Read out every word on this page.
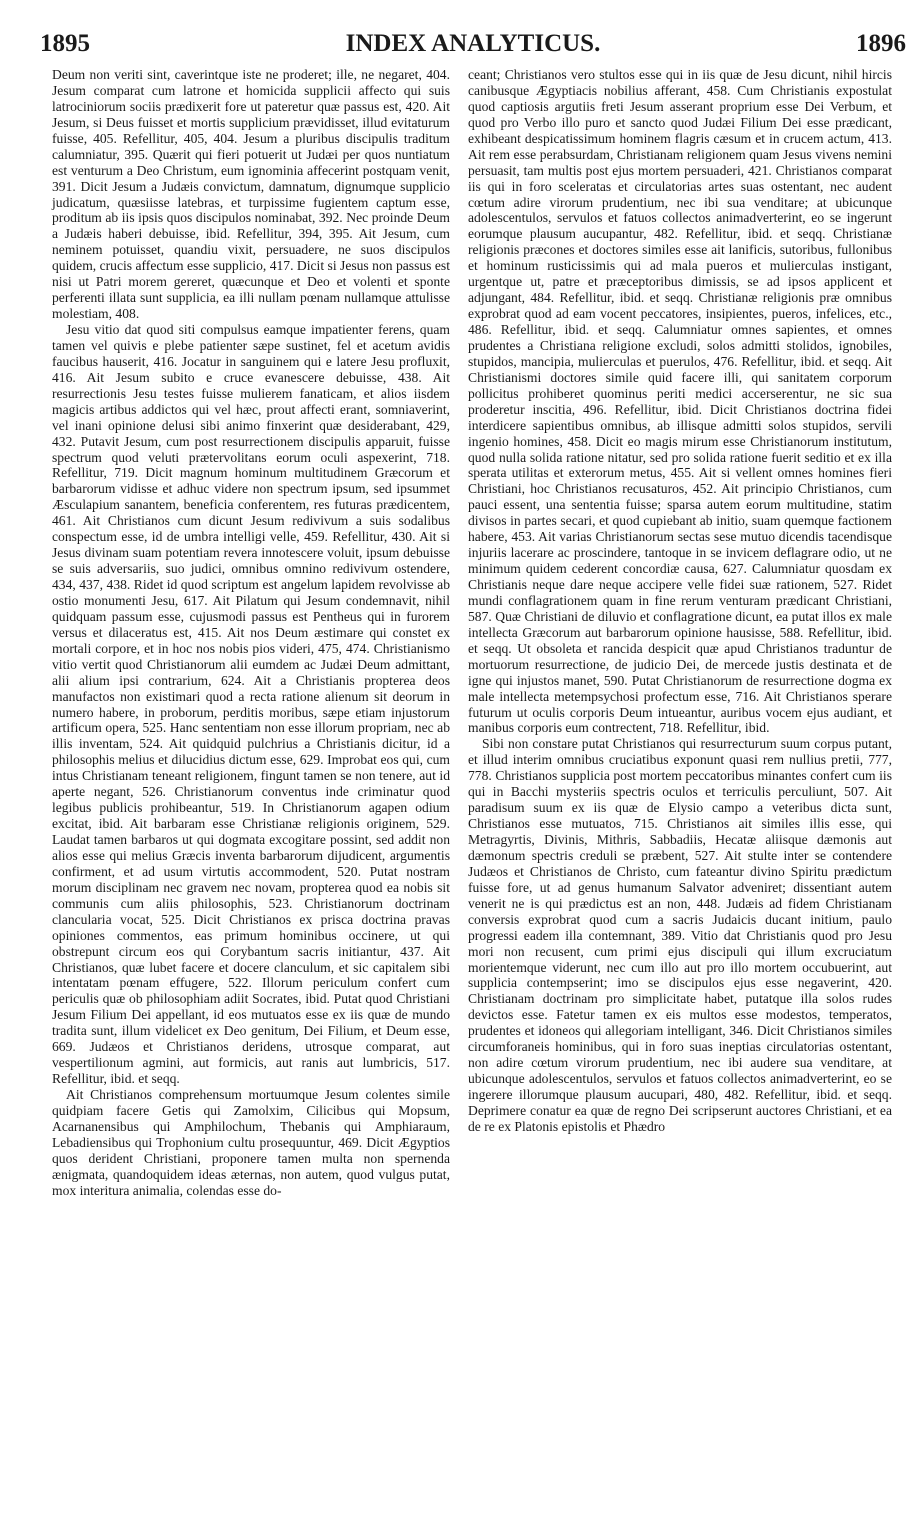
1895	INDEX ANALYTICUS.	1896

Deum non veriti sint, caverintque iste ne proderet; ille, ne negaret, 404. Jesum comparat cum latrone et homicida supplicii affecto qui suis latrociniorum sociis prædixerit fore ut pateretur quæ passus est, 420. Ait Jesum, si Deus fuisset et mortis supplicium prævidisset, illud evitaturum fuisse, 405. Refellitur, 405, 404. Jesum a pluribus discipulis traditum calumniatur, 395. Quærit qui fieri potuerit ut Judæi per quos nuntiatum est venturum a Deo Christum, eum ignominia affecerint postquam venit, 391. Dicit Jesum a Judæis convictum, damnatum, dignumque supplicio judicatum, quæsiisse latebras, et turpissime fugientem captum esse, proditum ab iis ipsis quos discipulos nominabat, 392. Nec proinde Deum a Judæis haberi debuisse, ibid. Refellitur, 394, 395. Ait Jesum, cum neminem potuisset, quandiu vixit, persuadere, ne suos discipulos quidem, crucis affectum esse supplicio, 417. Dicit si Jesus non passus est nisi ut Patri morem gereret, quæcunque et Deo et volenti et sponte perferenti illata sunt supplicia, ea illi nullam pœnam nullamque attulisse molestiam, 408.

Jesu vitio dat quod siti compulsus eamque impatienter ferens, quam tamen vel quivis e plebe patienter sæpe sustinet, fel et acetum avidis faucibus hauserit, 416. Jocatur in sanguinem qui e latere Jesu profluxit, 416. Ait Jesum subito e cruce evanescere debuisse, 438. Ait resurrectionis Jesu testes fuisse mulierem fanaticam, et alios iisdem magicis artibus addictos qui vel hæc, prout affecti erant, somniaverint, vel inani opinione delusi sibi animo finxerint quæ desiderabant, 429, 432. Putavit Jesum, cum post resurrectionem discipulis apparuit, fuisse spectrum quod veluti prætervolitans eorum oculi aspexerint, 718. Refellitur, 719. Dicit magnum hominum multitudinem Græcorum et barbarorum vidisse et adhuc videre non spectrum ipsum, sed ipsummet Æsculapium sanantem, beneficia conferentem, res futuras prædicentem, 461. Ait Christianos cum dicunt Jesum redivivum a suis sodalibus conspectum esse, id de umbra intelligi velle, 459. Refellitur, 430. Ait si Jesus divinam suam potentiam revera innotescere voluit, ipsum debuisse se suis adversariis, suo judici, omnibus omnino redivivum ostendere, 434, 437, 438. Ridet id quod scriptum est angelum lapidem revolvisse ab ostio monumenti Jesu, 617. Ait Pilatum qui Jesum condemnavit, nihil quidquam passum esse, cujusmodi passus est Pentheus qui in furorem versus et dilaceratus est, 415. Ait nos Deum æstimare qui constet ex mortali corpore, et in hoc nos nobis pios videri, 475, 474. Christianismo vitio vertit quod Christianorum alii eumdem ac Judæi Deum admittant, alii alium ipsi contrarium, 624. Ait a Christianis propterea deos manufactos non existimari quod a recta ratione alienum sit deorum in numero habere, in proborum, perditis moribus, sæpe etiam injustorum artificum opera, 525. Hanc sententiam non esse illorum propriam, nec ab illis inventam, 524. Ait quidquid pulchrius a Christianis dicitur, id a philosophis melius et dilucidius dictum esse, 629. Improbat eos qui, cum intus Christianam teneant religionem, fingunt tamen se non tenere, aut id aperte negant, 526. Christianorum conventus inde criminatur quod legibus publicis prohibeantur, 519. In Christianorum agapen odium excitat, ibid. Ait barbaram esse Christianæ religionis originem, 529. Laudat tamen barbaros ut qui dogmata excogitare possint, sed addit non alios esse qui melius Græcis inventa barbarorum dijudicent, argumentis confirment, et ad usum virtutis accommodent, 520. Putat nostram morum disciplinam nec gravem nec novam, propterea quod ea nobis sit communis cum aliis philosophis, 523. Christianorum doctrinam clancularia vocat, 525. Dicit Christianos ex prisca doctrina pravas opiniones commentos, eas primum hominibus occinere, ut qui obstrepunt circum eos qui Corybantum sacris initiantur, 437. Ait Christianos, quæ lubet facere et docere clanculum, et sic capitalem sibi intentatam pœnam effugere, 522. Illorum periculum confert cum periculis quæ ob philosophiam adiit Socrates, ibid. Putat quod Christiani Jesum Filium Dei appellant, id eos mutuatos esse ex iis quæ de mundo tradita sunt, illum videlicet ex Deo genitum, Dei Filium, et Deum esse, 669. Judæos et Christianos deridens, utrosque comparat, aut vespertilionum agmini, aut formicis, aut ranis aut lumbricis, 517. Refellitur, ibid. et seqq.

Ait Christianos comprehensum mortuumque Jesum colentes simile quidpiam facere Getis qui Zamolxim, Cilicibus qui Mopsum, Acarnanensibus qui Amphilochum, Thebanis qui Amphiaraum, Lebadiensibus qui Trophonium cultu prosequuntur, 469. Dicit Ægyptios quos derident Christiani, proponere tamen multa non spernenda ænigmata, quandoquidem ideas æternas, non autem, quod vulgus putat, mox interitura animalia, colendas esse do-

ceant; Christianos vero stultos esse qui in iis quæ de Jesu dicunt, nihil hircis canibusque Ægyptiacis nobilius afferant, 458. Cum Christianis expostulat quod captiosis argutiis freti Jesum asserant proprium esse Dei Verbum, et quod pro Verbo illo puro et sancto quod Judæi Filium Dei esse prædicant, exhibeant despicatissimum hominem flagris cæsum et in crucem actum, 413. Ait rem esse perabsurdam, Christianam religionem quam Jesus vivens nemini persuasit, tam multis post ejus mortem persuaderi, 421. Christianos comparat iis qui in foro sceleratas et circulatorias artes suas ostentant, nec audent cœtum adire virorum prudentium, nec ibi sua venditare; at ubicunque adolescentulos, servulos et fatuos collectos animadverterint, eo se ingerunt eorumque plausum aucupantur, 482. Refellitur, ibid. et seqq. Christianæ religionis præcones et doctores similes esse ait lanificis, sutoribus, fullonibus et hominum rusticissimis qui ad mala pueros et mulierculas instigant, urgentque ut, patre et præceptoribus dimissis, se ad ipsos applicent et adjungant, 484. Refellitur, ibid. et seqq. Christianæ religionis præ omnibus exprobrat quod ad eam vocent peccatores, insipientes, pueros, infelices, etc., 486. Refellitur, ibid. et seqq. Calumniatur omnes sapientes, et omnes prudentes a Christiana religione excludi, solos admitti stolidos, ignobiles, stupidos, mancipia, mulierculas et puerulos, 476. Refellitur, ibid. et seqq. Ait Christianismi doctores simile quid facere illi, qui sanitatem corporum pollicitus prohiberet quominus periti medici accerserentur, ne sic sua proderetur inscitia, 496. Refellitur, ibid. Dicit Christianos doctrina fidei interdicere sapientibus omnibus, ab illisque admitti solos stupidos, servili ingenio homines, 458. Dicit eo magis mirum esse Christianorum institutum, quod nulla solida ratione nitatur, sed pro solida ratione fuerit seditio et ex illa sperata utilitas et exterorum metus, 455. Ait si vellent omnes homines fieri Christiani, hoc Christianos recusaturos, 452. Ait principio Christianos, cum pauci essent, una sententia fuisse; sparsa autem eorum multitudine, statim divisos in partes secari, et quod cupiebant ab initio, suam quemque factionem habere, 453. Ait varias Christianorum sectas sese mutuo dicendis tacendisque injuriis lacerare ac proscindere, tantoque in se invicem deflagrare odio, ut ne minimum quidem cederent concordiæ causa, 627. Calumniatur quosdam ex Christianis neque dare neque accipere velle fidei suæ rationem, 527. Ridet mundi conflagrationem quam in fine rerum venturam prædicant Christiani, 587. Quæ Christiani de diluvio et conflagratione dicunt, ea putat illos ex male intellecta Græcorum aut barbarorum opinione hausisse, 588. Refellitur, ibid. et seqq. Ut obsoleta et rancida despicit quæ apud Christianos traduntur de mortuorum resurrectione, de judicio Dei, de mercede justis destinata et de igne qui injustos manet, 590. Putat Christianorum de resurrectione dogma ex male intellecta metempsychosi profectum esse, 716. Ait Christianos sperare futurum ut oculis corporis Deum intueantur, auribus vocem ejus audiant, et manibus corporis eum contrectent, 718. Refellitur, ibid.

Sibi non constare putat Christianos qui resurrecturum suum corpus putant, et illud interim omnibus cruciatibus exponunt quasi rem nullius pretii, 777, 778. Christianos supplicia post mortem peccatoribus minantes confert cum iis qui in Bacchi mysteriis spectris oculos et terriculis perculiunt, 507. Ait paradisum suum ex iis quæ de Elysio campo a veteribus dicta sunt, Christianos esse mutuatos, 715. Christianos ait similes illis esse, qui Metragyrtis, Divinis, Mithris, Sabbadiis, Hecatæ aliisque dæmonis aut dæmonum spectris creduli se præbent, 527. Ait stulte inter se contendere Judæos et Christianos de Christo, cum fateantur divino Spiritu prædictum fuisse fore, ut ad genus humanum Salvator adveniret; dissentiant autem venerit ne is qui prædictus est an non, 448. Judæis ad fidem Christianam conversis exprobrat quod cum a sacris Judaicis ducant initium, paulo progressi eadem illa contemnant, 389. Vitio dat Christianis quod pro Jesu mori non recusent, cum primi ejus discipuli qui illum excruciatum morientemque viderunt, nec cum illo aut pro illo mortem occubuerint, aut supplicia contempserint; imo se discipulos ejus esse negaverint, 420. Christianam doctrinam pro simplicitate habet, putatque illa solos rudes devictos esse. Fatetur tamen ex eis multos esse modestos, temperatos, prudentes et idoneos qui allegoriam intelligant, 346. Dicit Christianos similes circumforaneis hominibus, qui in foro suas ineptias circulatorias ostentant, non adire cœtum virorum prudentium, nec ibi audere sua venditare, at ubicunque adolescentulos, servulos et fatuos collectos animadverterint, eo se ingerere illorumque plausum aucupari, 480, 482. Refellitur, ibid. et seqq. Deprimere conatur ea quæ de regno Dei scripserunt auctores Christiani, et ea de re ex Platonis epistolis et Phædro
